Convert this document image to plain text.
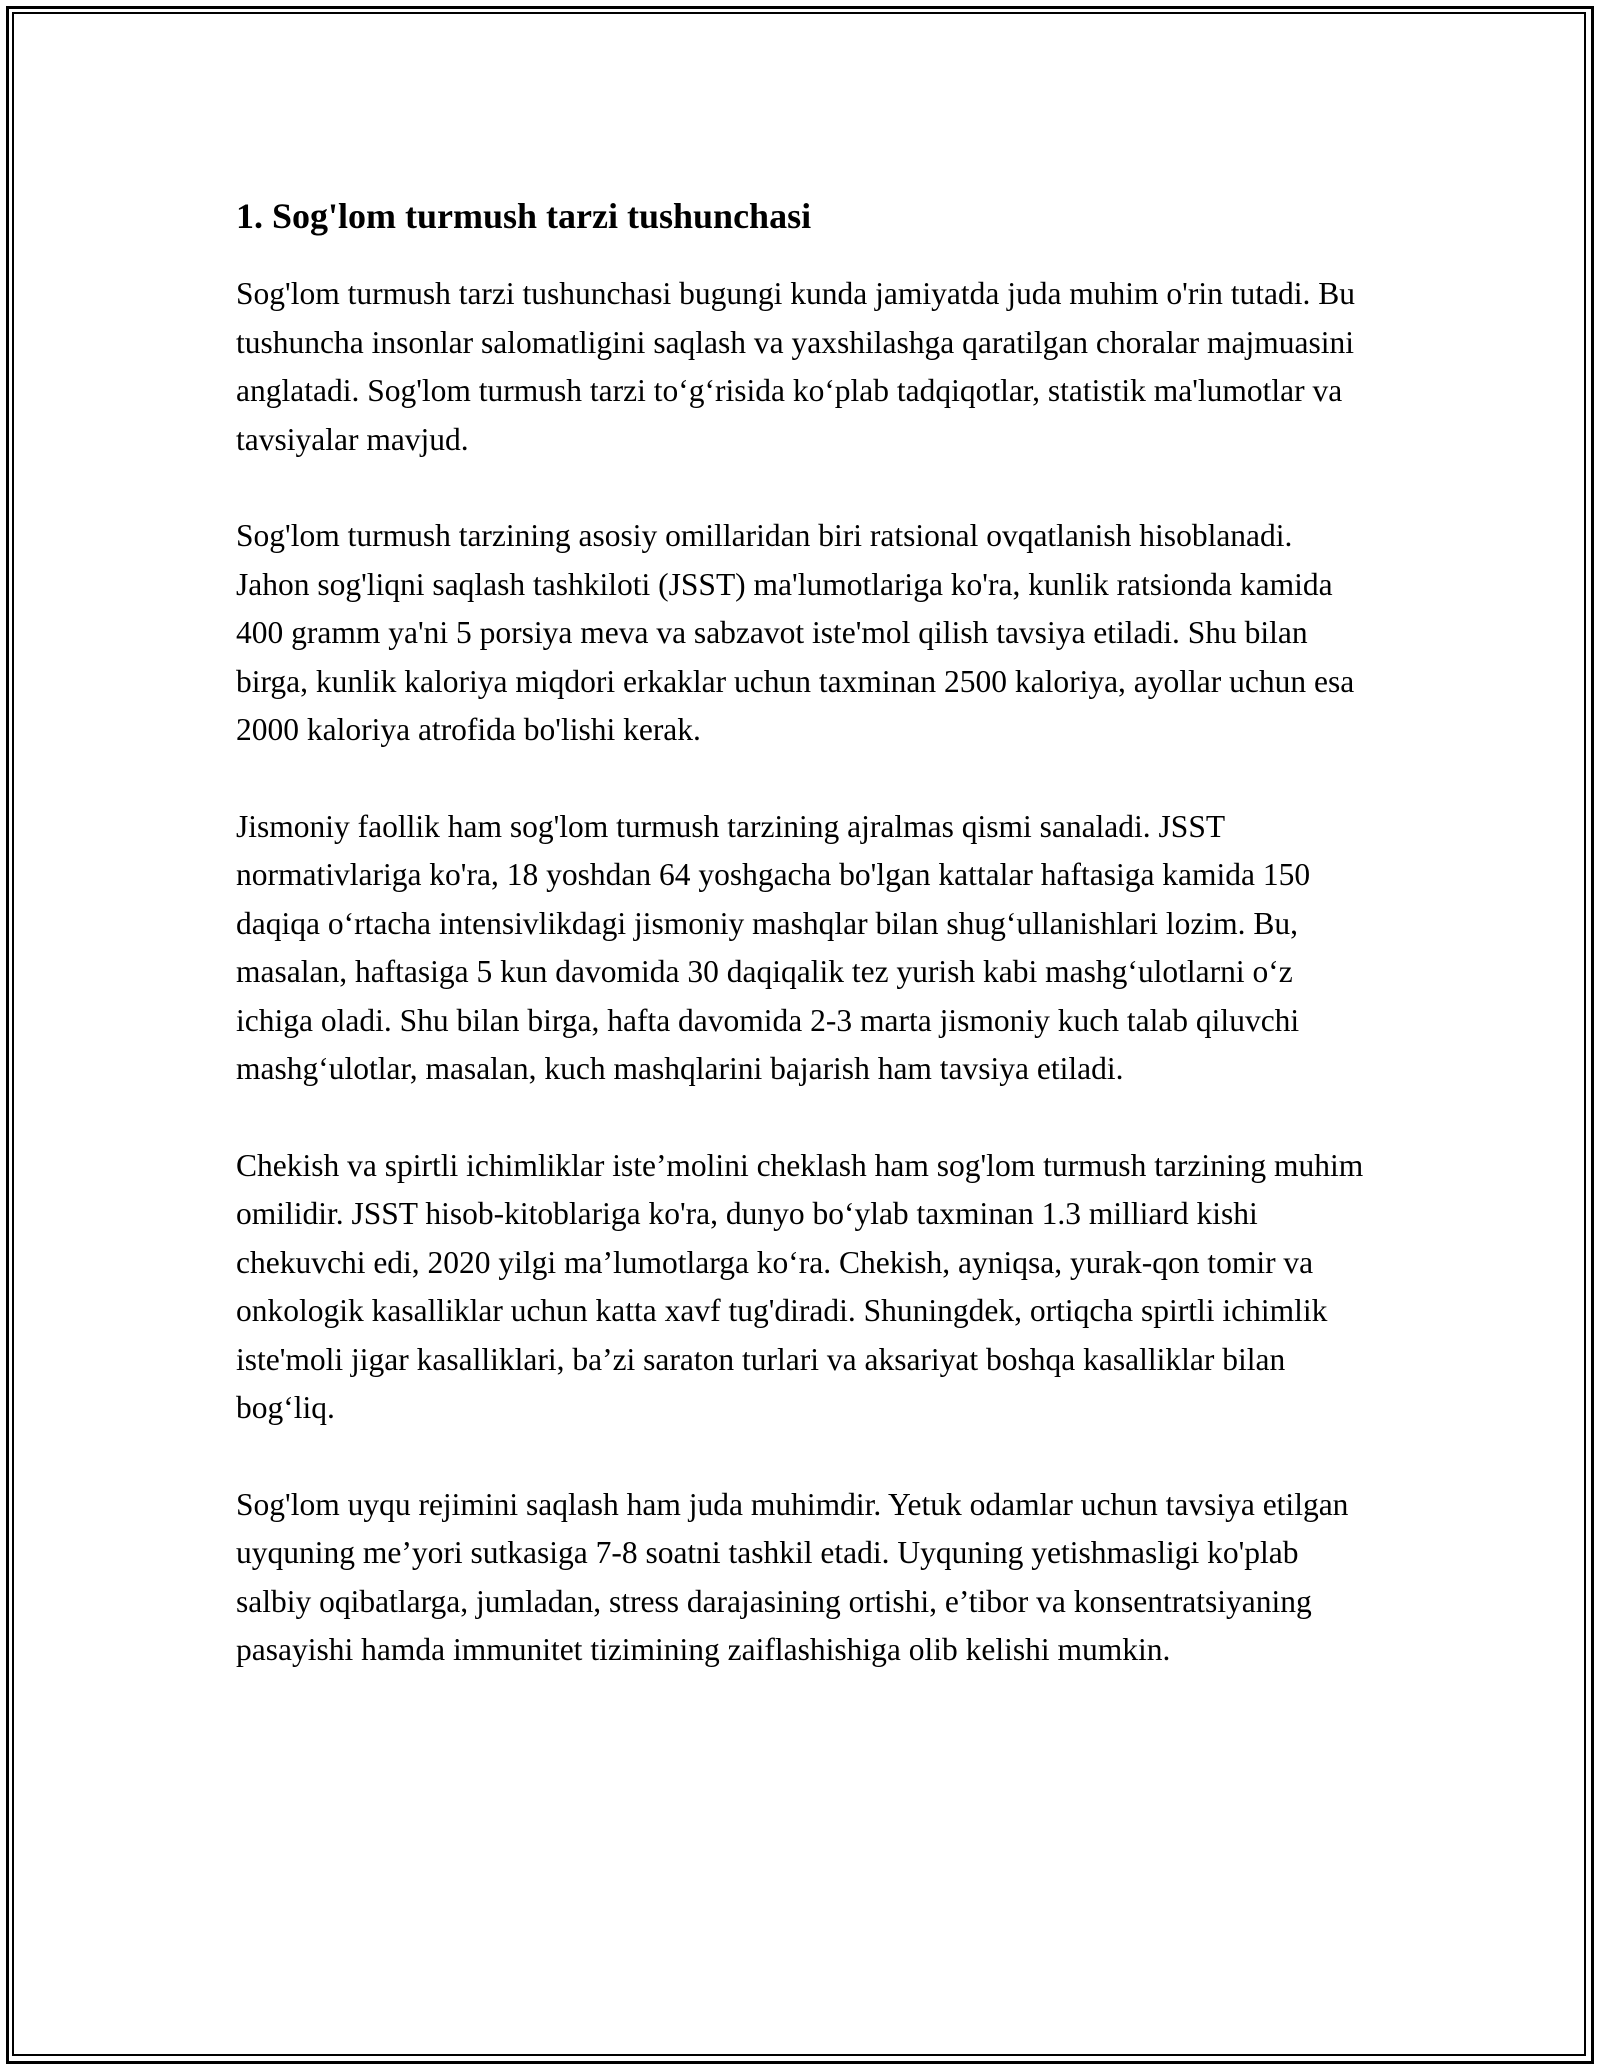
1. Sog'lom turmush tarzi tushunchasi

Sog'lom turmush tarzi tushunchasi bugungi kunda jamiyatda juda muhim o'rin tutadi. Bu tushuncha insonlar salomatligini saqlash va yaxshilashga qaratilgan choralar majmuasini anglatadi. Sog'lom turmush tarzi to‘g‘risida ko‘plab tadqiqotlar, statistik ma'lumotlar va tavsiyalar mavjud.

Sog'lom turmush tarzining asosiy omillaridan biri ratsional ovqatlanish hisoblanadi. Jahon sog'liqni saqlash tashkiloti (JSST) ma'lumotlariga ko'ra, kunlik ratsionda kamida 400 gramm ya'ni 5 porsiya meva va sabzavot iste'mol qilish tavsiya etiladi. Shu bilan birga, kunlik kaloriya miqdori erkaklar uchun taxminan 2500 kaloriya, ayollar uchun esa 2000 kaloriya atrofida bo'lishi kerak.

Jismoniy faollik ham sog'lom turmush tarzining ajralmas qismi sanaladi. JSST normativlariga ko'ra, 18 yoshdan 64 yoshgacha bo'lgan kattalar haftasiga kamida 150 daqiqa o‘rtacha intensivlikdagi jismoniy mashqlar bilan shug‘ullanishlari lozim. Bu, masalan, haftasiga 5 kun davomida 30 daqiqalik tez yurish kabi mashg‘ulotlarni o‘z ichiga oladi. Shu bilan birga, hafta davomida 2-3 marta jismoniy kuch talab qiluvchi mashg‘ulotlar, masalan, kuch mashqlarini bajarish ham tavsiya etiladi.

Chekish va spirtli ichimliklar iste’molini cheklash ham sog'lom turmush tarzining muhim omilidir. JSST hisob-kitoblariga ko'ra, dunyo bo‘ylab taxminan 1.3 milliard kishi chekuvchi edi, 2020 yilgi ma’lumotlarga ko‘ra. Chekish, ayniqsa, yurak-qon tomir va onkologik kasalliklar uchun katta xavf tug'diradi. Shuningdek, ortiqcha spirtli ichimlik iste'moli jigar kasalliklari, ba’zi saraton turlari va aksariyat boshqa kasalliklar bilan bog‘liq.

Sog'lom uyqu rejimini saqlash ham juda muhimdir. Yetuk odamlar uchun tavsiya etilgan uyquning me’yori sutkasiga 7-8 soatni tashkil etadi. Uyquning yetishmasligi ko'plab salbiy oqibatlarga, jumladan, stress darajasining ortishi, e’tibor va konsentratsiyaning pasayishi hamda immunitet tizimining zaiflashishiga olib kelishi mumkin.
